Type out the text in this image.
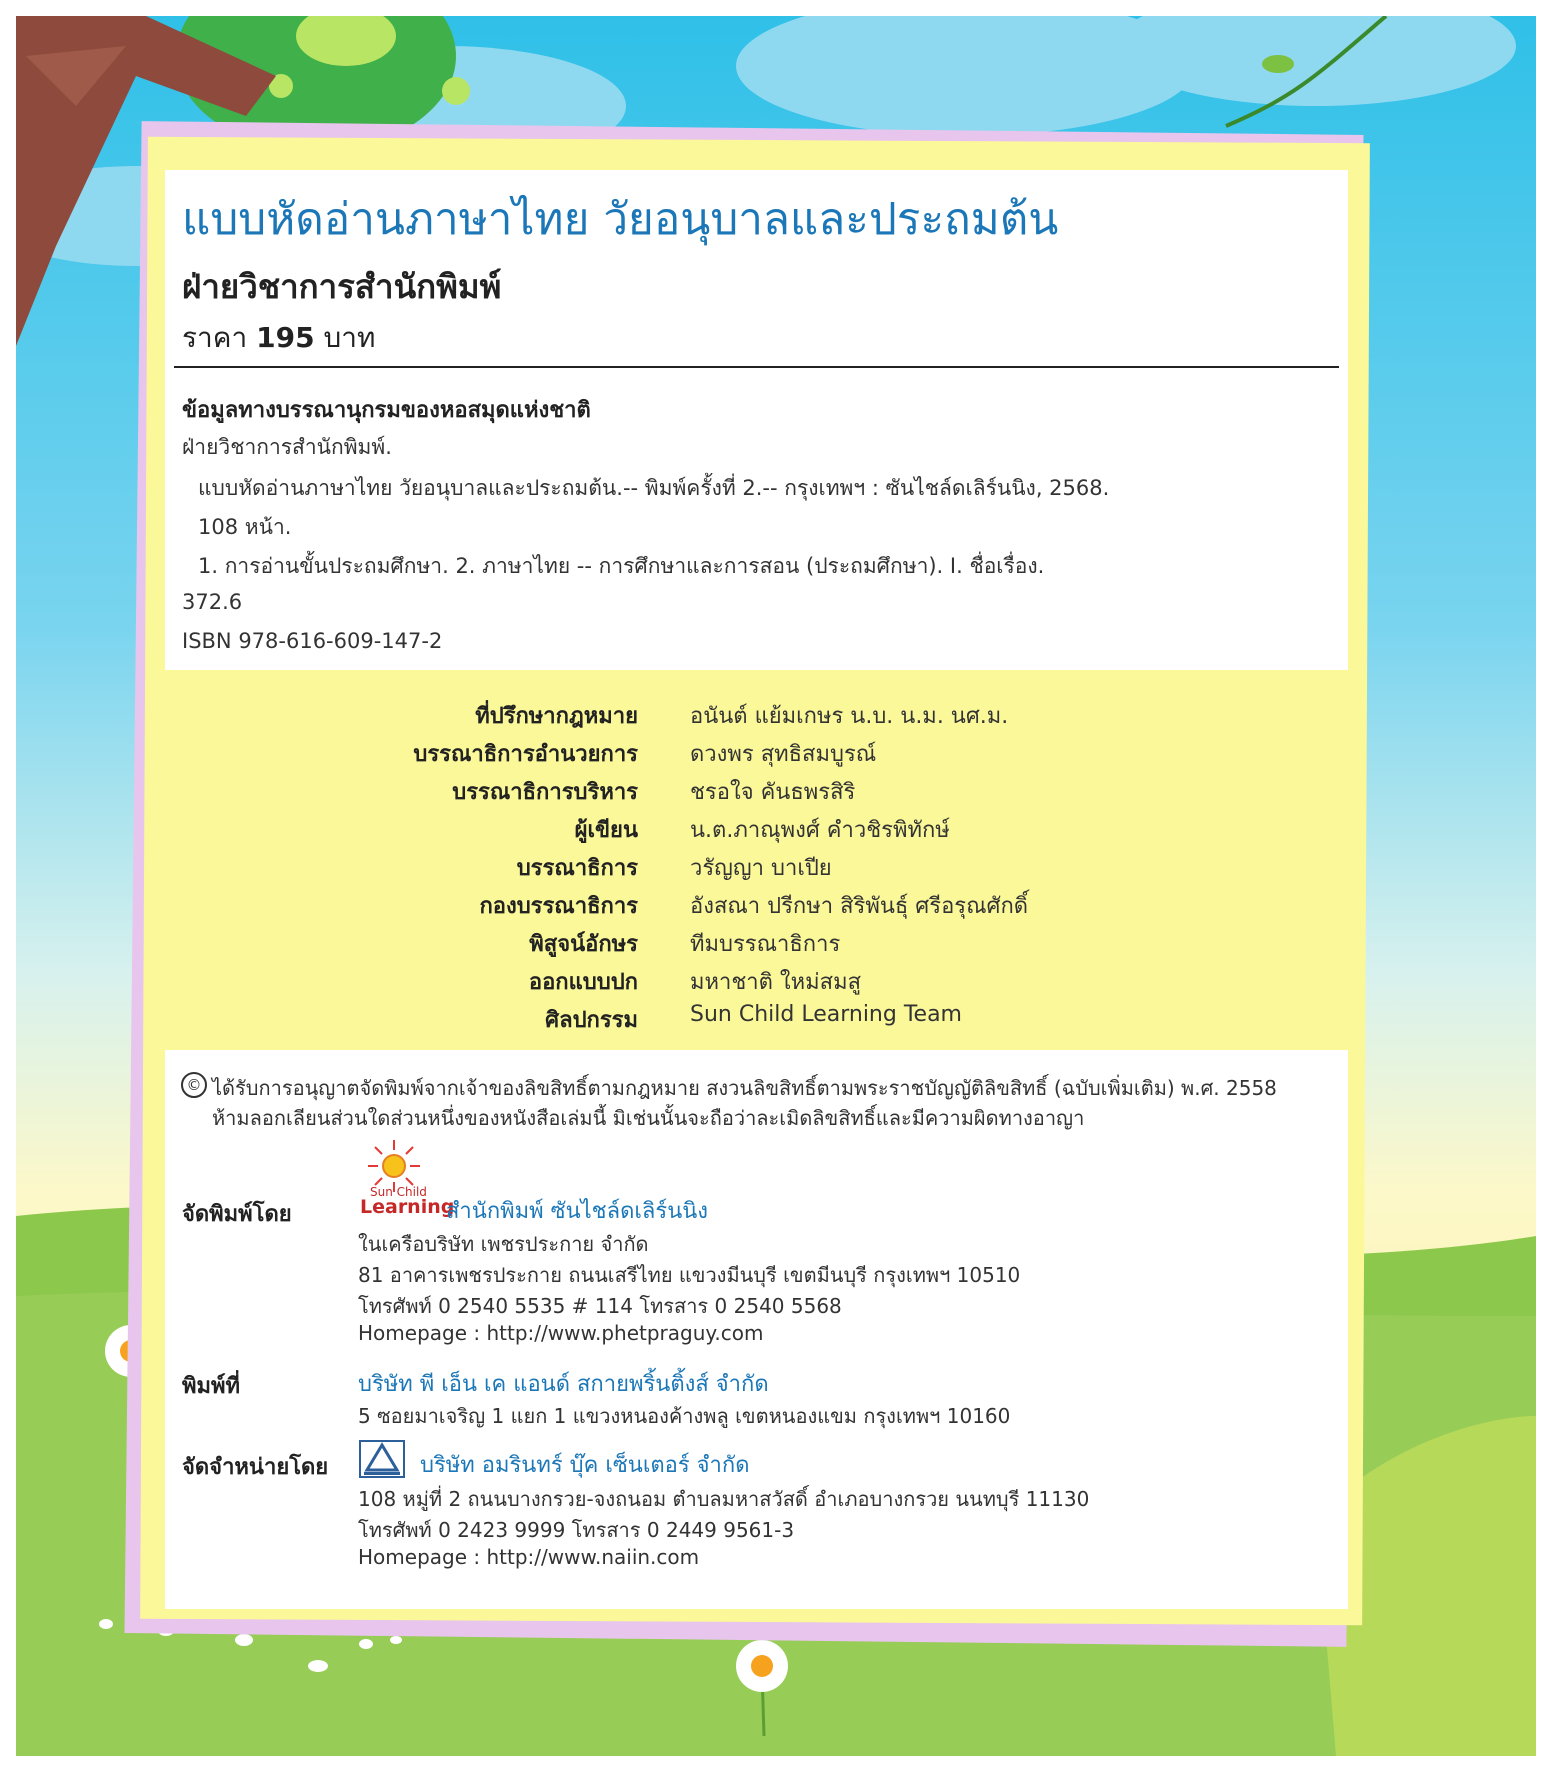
แบบหัดอ่านภาษาไทย วัยอนุบาลและประถมต้น
ฝ่ายวิชาการสำนักพิมพ์
ราคา 195 บาท
ข้อมูลทางบรรณานุกรมของหอสมุดแห่งชาติ
ฝ่ายวิชาการสำนักพิมพ์.
แบบหัดอ่านภาษาไทย วัยอนุบาลและประถมต้น.-- พิมพ์ครั้งที่ 2.-- กรุงเทพฯ : ซันไชล์ดเลิร์นนิง, 2568.
108 หน้า.
1. การอ่านขั้นประถมศึกษา. 2. ภาษาไทย -- การศึกษาและการสอน (ประถมศึกษา). I. ชื่อเรื่อง.
372.6
ISBN 978-616-609-147-2
ที่ปรึกษากฎหมาย อนันต์ แย้มเกษร น.บ. น.ม. นศ.ม.
บรรณาธิการอำนวยการ ดวงพร สุทธิสมบูรณ์
บรรณาธิการบริหาร ชรอใจ คันธพรสิริ
ผู้เขียน น.ต.ภาณุพงศ์ คำวชิรพิทักษ์
บรรณาธิการ วรัญญา บาเปีย
กองบรรณาธิการ อังสณา ปรีกษา สิริพันธุ์ ศรีอรุณศักดิ์
พิสูจน์อักษร ทีมบรรณาธิการ
ออกแบบปก มหาชาติ ใหม่สมสู
ศิลปกรรม Sun Child Learning Team
© ได้รับการอนุญาตจัดพิมพ์จากเจ้าของลิขสิทธิ์ตามกฎหมาย สงวนลิขสิทธิ์ตามพระราชบัญญัติลิขสิทธิ์ (ฉบับเพิ่มเติม) พ.ศ. 2558
ห้ามลอกเลียนส่วนใดส่วนหนึ่งของหนังสือเล่มนี้ มิเช่นนั้นจะถือว่าละเมิดลิขสิทธิ์และมีความผิดทางอาญา
Sun Child
Learning
จัดพิมพ์โดย	สำนักพิมพ์ ซันไชล์ดเลิร์นนิง
ในเครือบริษัท เพชรประกาย จำกัด
81 อาคารเพชรประกาย ถนนเสรีไทย แขวงมีนบุรี เขตมีนบุรี กรุงเทพฯ 10510
โทรศัพท์ 0 2540 5535 # 114 โทรสาร 0 2540 5568
Homepage : http://www.phetpraguy.com
พิมพ์ที่	บริษัท พี เอ็น เค แอนด์ สกายพริ้นติ้งส์ จำกัด
5 ซอยมาเจริญ 1 แยก 1 แขวงหนองค้างพลู เขตหนองแขม กรุงเทพฯ 10160
จัดจำหน่ายโดย	บริษัท อมรินทร์ บุ๊ค เซ็นเตอร์ จำกัด
108 หมู่ที่ 2 ถนนบางกรวย-จงถนอม ตำบลมหาสวัสดิ์ อำเภอบางกรวย นนทบุรี 11130
โทรศัพท์ 0 2423 9999 โทรสาร 0 2449 9561-3
Homepage : http://www.naiin.com
